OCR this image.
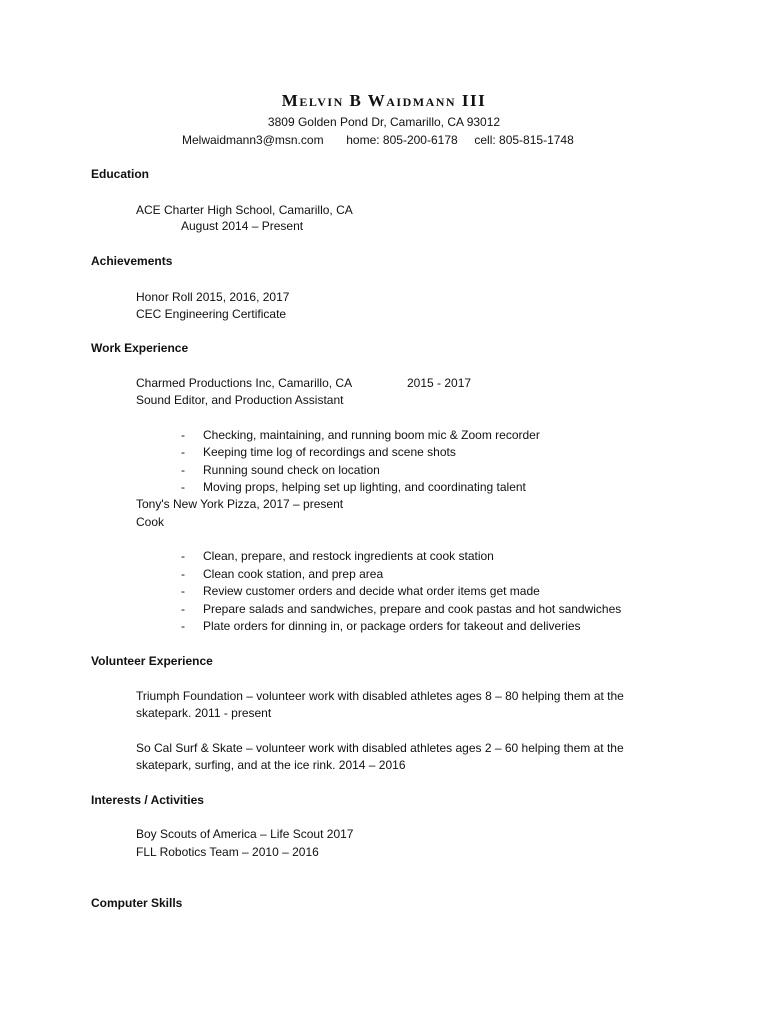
Melvin B Waidmann III
3809 Golden Pond Dr, Camarillo, CA 93012
Melwaidmann3@msn.com home: 805-200-6178 cell: 805-815-1748
Education
ACE Charter High School, Camarillo, CA
August 2014 – Present
Achievements
Honor Roll 2015, 2016, 2017
CEC Engineering Certificate
Work Experience
Charmed Productions Inc, Camarillo, CA	2015 - 2017
Sound Editor, and Production Assistant
- Checking, maintaining, and running boom mic & Zoom recorder
- Keeping time log of recordings and scene shots
- Running sound check on location
- Moving props, helping set up lighting, and coordinating talent
Tony's New York Pizza, 2017 – present
Cook
- Clean, prepare, and restock ingredients at cook station
- Clean cook station, and prep area
- Review customer orders and decide what order items get made
- Prepare salads and sandwiches, prepare and cook pastas and hot sandwiches
- Plate orders for dinning in, or package orders for takeout and deliveries
Volunteer Experience
Triumph Foundation – volunteer work with disabled athletes ages 8 – 80 helping them at the
skatepark. 2011 - present
So Cal Surf & Skate – volunteer work with disabled athletes ages 2 – 60 helping them at the
skatepark, surfing, and at the ice rink. 2014 – 2016
Interests / Activities
Boy Scouts of America – Life Scout 2017
FLL Robotics Team – 2010 – 2016
Computer Skills
